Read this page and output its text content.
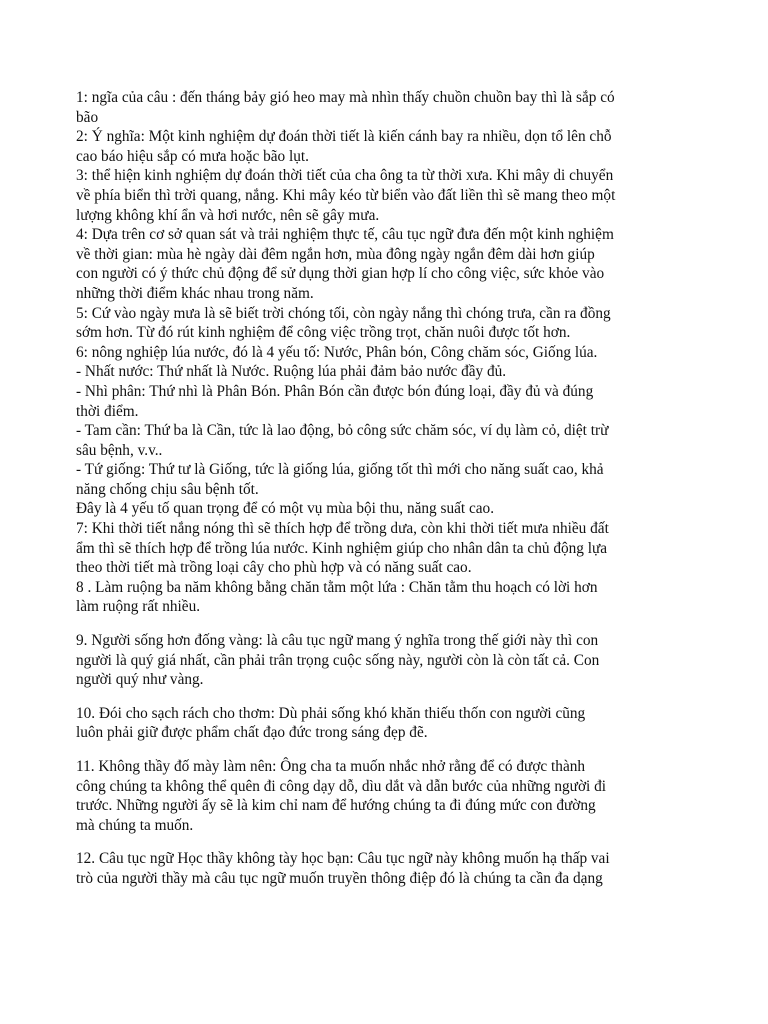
1: ngĩa của câu : đến tháng bảy gió heo may mà nhìn thấy chuồn chuồn bay thì là sắp có
bão
2: Ý nghĩa: Một kinh nghiệm dự đoán thời tiết là kiến cánh bay ra nhiều, dọn tổ lên chỗ
cao báo hiệu sắp có mưa hoặc bão lụt.
3: thể hiện kinh nghiệm dự đoán thời tiết của cha ông ta từ thời xưa. Khi mây di chuyển
về phía biển thì trời quang, nắng. Khi mây kéo từ biển vào đất liền thì sẽ mang theo một
lượng không khí ẩn và hơi nước, nên sẽ gây mưa.
4: Dựa trên cơ sở quan sát và trải nghiệm thực tế, câu tục ngữ đưa đến một kinh nghiệm
về thời gian: mùa hè ngày dài đêm ngắn hơn, mùa đông ngày ngắn đêm dài hơn giúp
con người có ý thức chủ động để sử dụng thời gian hợp lí cho công việc, sức khỏe vào
những thời điểm khác nhau trong năm.
5: Cứ vào ngày mưa là sẽ biết trời chóng tối, còn ngày nắng thì chóng trưa, cần ra đồng
sớm hơn. Từ đó rút kinh nghiệm để công việc trồng trọt, chăn nuôi được tốt hơn.
6: nông nghiệp lúa nước, đó là 4 yếu tố: Nước, Phân bón, Công chăm sóc, Giống lúa.
- Nhất nước: Thứ nhất là Nước. Ruộng lúa phải đảm bảo nước đầy đủ.
- Nhì phân: Thứ nhì là Phân Bón. Phân Bón cần được bón đúng loại, đầy đủ và đúng
thời điểm.
- Tam cần: Thứ ba là Cần, tức là lao động, bỏ công sức chăm sóc, ví dụ làm cỏ, diệt trừ
sâu bệnh, v.v..
- Tứ giống: Thứ tư là Giống, tức là giống lúa, giống tốt thì mới cho năng suất cao, khả
năng chống chịu sâu bệnh tốt.
Đây là 4 yếu tố quan trọng để có một vụ mùa bội thu, năng suất cao.
7: Khi thời tiết nắng nóng thì sẽ thích hợp để trồng dưa, còn khi thời tiết mưa nhiều đất
ẩm thì sẽ thích hợp để trồng lúa nước. Kinh nghiệm giúp cho nhân dân ta chủ động lựa
theo thời tiết mà trồng loại cây cho phù hợp và có năng suất cao.
8 . Làm ruộng ba năm không bằng chăn tằm một lứa : Chăn tằm thu hoạch có lời hơn
làm ruộng rất nhiều.
9. Người sống hơn đống vàng: là câu tục ngữ mang ý nghĩa trong thế giới này thì con
người là quý giá nhất, cần phải trân trọng cuộc sống này, người còn là còn tất cả. Con
người quý như vàng.
10. Đói cho sạch rách cho thơm: Dù phải sống khó khăn thiếu thốn con người cũng
luôn phải giữ được phẩm chất đạo đức trong sáng đẹp đẽ.
11. Không thầy đố mày làm nên: Ông cha ta muốn nhắc nhở rằng để có được thành
công chúng ta không thể quên đi công dạy dỗ, dìu dắt và dẫn bước của những người đi
trước. Những người ấy sẽ là kim chỉ nam để hướng chúng ta đi đúng mức con đường
mà chúng ta muốn.
12. Câu tục ngữ Học thầy không tày học bạn: Câu tục ngữ này không muốn hạ thấp vai
trò của người thầy mà câu tục ngữ muốn truyền thông điệp đó là chúng ta cần đa dạng
